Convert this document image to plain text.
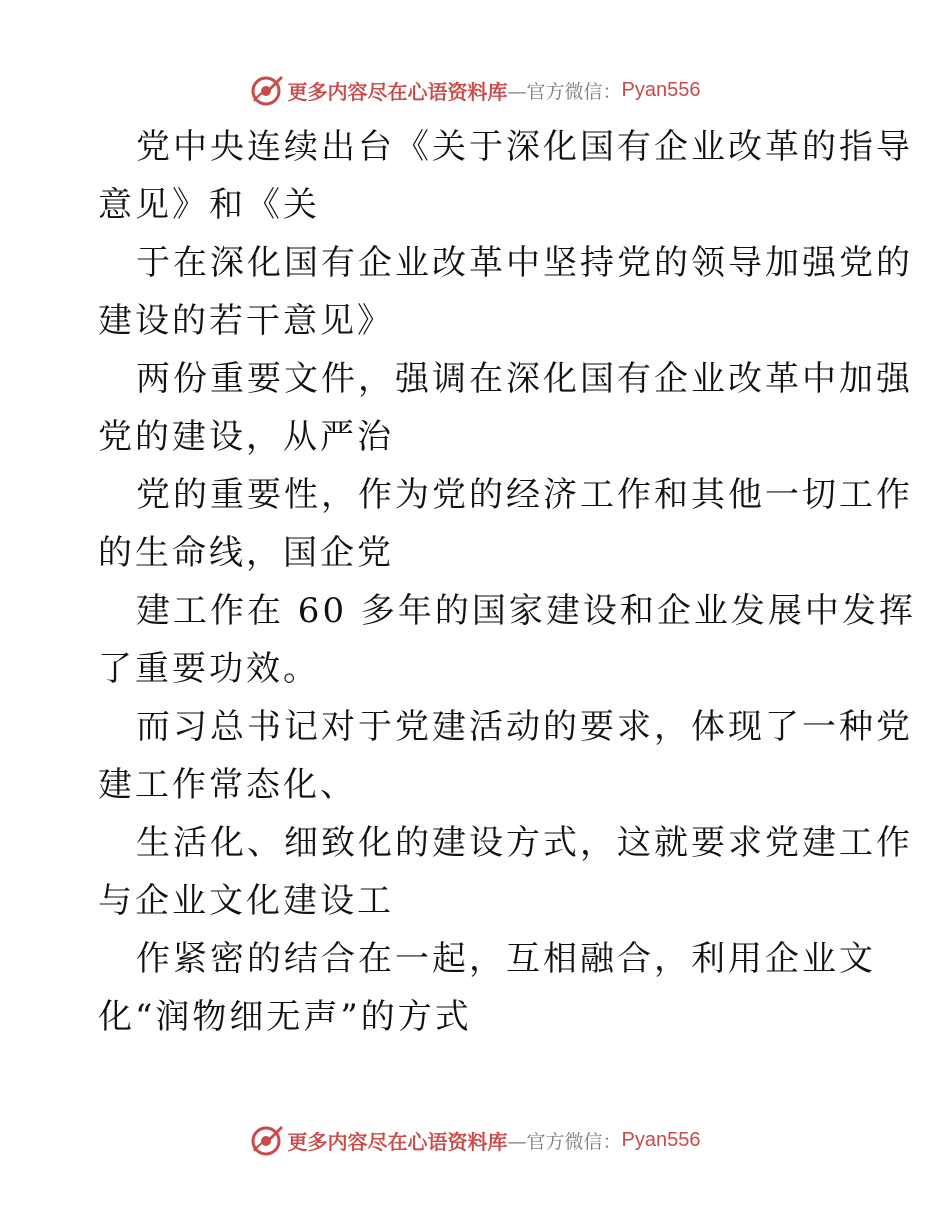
更多内容尽在心语资料库 —官方微信： Pyan556
党中央连续出台《关于深化国有企业改革的指导
意见》和《关
于在深化国有企业改革中坚持党的领导加强党的
建设的若干意见》
两份重要文件，强调在深化国有企业改革中加强
党的建设，从严治
党的重要性，作为党的经济工作和其他一切工作
的生命线，国企党
建工作在 60 多年的国家建设和企业发展中发挥
了重要功效。
而习总书记对于党建活动的要求，体现了一种党
建工作常态化、
生活化、细致化的建设方式，这就要求党建工作
与企业文化建设工
作紧密的结合在一起，互相融合，利用企业文
化“润物细无声”的方式
更多内容尽在心语资料库 —官方微信： Pyan556
